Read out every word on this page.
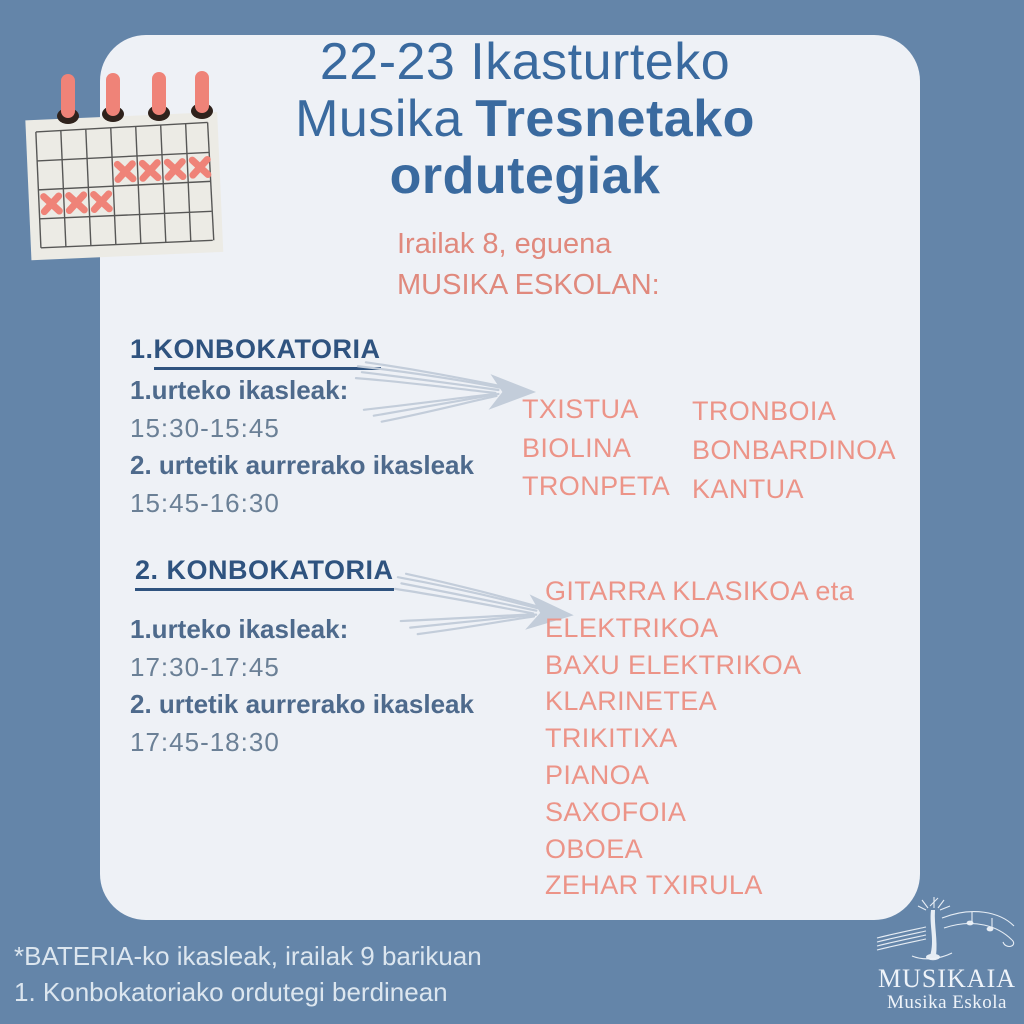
22-23 Ikasturteko
Musika Tresnetako
ordutegiak
Irailak 8, eguena
MUSIKA ESKOLAN:
1.KONBOKATORIA
1.urteko ikasleak:
15:30-15:45
2. urtetik aurrerako ikasleak
15:45-16:30
TXISTUA
BIOLINA
TRONPETA
TRONBOIA
BONBARDINOA
KANTUA
2. KONBOKATORIA
1.urteko ikasleak:
17:30-17:45
2. urtetik aurrerako ikasleak
17:45-18:30
GITARRA KLASIKOA eta
ELEKTRIKOA
BAXU ELEKTRIKOA
KLARINETEA
TRIKITIXA
PIANOA
SAXOFOIA
OBOEA
ZEHAR TXIRULA
*BATERIA-ko ikasleak, irailak 9 barikuan
1. Konbokatoriako ordutegi berdinean	MUSIKAIA
Musika Eskola
